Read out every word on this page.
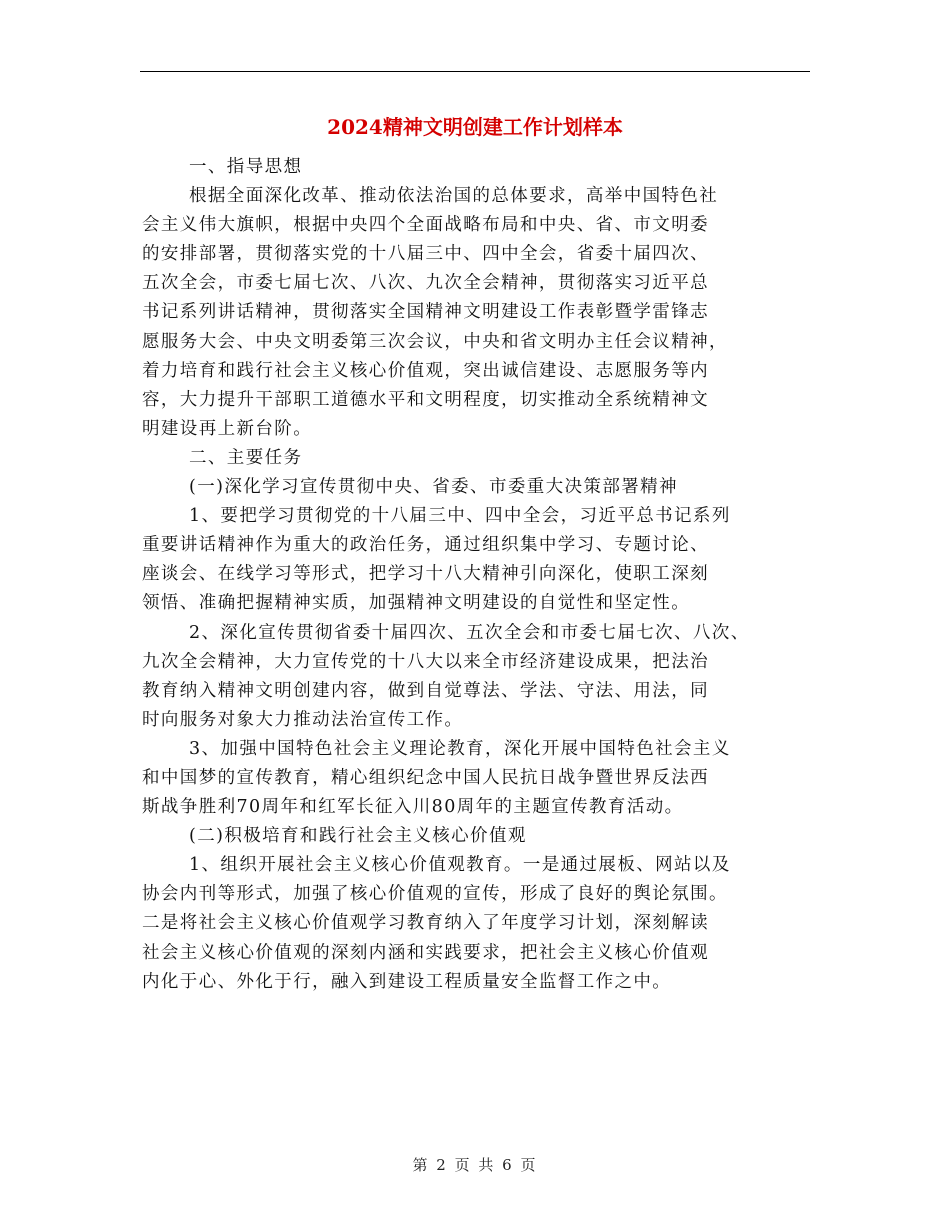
2024精神文明创建工作计划样本
一、指导思想
根据全面深化改革、推动依法治国的总体要求，高举中国特色社
会主义伟大旗帜，根据中央四个全面战略布局和中央、省、市文明委
的安排部署，贯彻落实党的十八届三中、四中全会，省委十届四次、
五次全会，市委七届七次、八次、九次全会精神，贯彻落实习近平总
书记系列讲话精神，贯彻落实全国精神文明建设工作表彰暨学雷锋志
愿服务大会、中央文明委第三次会议，中央和省文明办主任会议精神，
着力培育和践行社会主义核心价值观，突出诚信建设、志愿服务等内
容，大力提升干部职工道德水平和文明程度，切实推动全系统精神文
明建设再上新台阶。
二、主要任务
(一)深化学习宣传贯彻中央、省委、市委重大决策部署精神
1、要把学习贯彻党的十八届三中、四中全会，习近平总书记系列
重要讲话精神作为重大的政治任务，通过组织集中学习、专题讨论、
座谈会、在线学习等形式，把学习十八大精神引向深化，使职工深刻
领悟、准确把握精神实质，加强精神文明建设的自觉性和坚定性。
2、深化宣传贯彻省委十届四次、五次全会和市委七届七次、八次、
九次全会精神，大力宣传党的十八大以来全市经济建设成果，把法治
教育纳入精神文明创建内容，做到自觉尊法、学法、守法、用法，同
时向服务对象大力推动法治宣传工作。
3、加强中国特色社会主义理论教育，深化开展中国特色社会主义
和中国梦的宣传教育，精心组织纪念中国人民抗日战争暨世界反法西
斯战争胜利70周年和红军长征入川80周年的主题宣传教育活动。
(二)积极培育和践行社会主义核心价值观
1、组织开展社会主义核心价值观教育。一是通过展板、网站以及
协会内刊等形式，加强了核心价值观的宣传，形成了良好的舆论氛围。
二是将社会主义核心价值观学习教育纳入了年度学习计划，深刻解读
社会主义核心价值观的深刻内涵和实践要求，把社会主义核心价值观
内化于心、外化于行，融入到建设工程质量安全监督工作之中。
第 2 页 共 6 页
